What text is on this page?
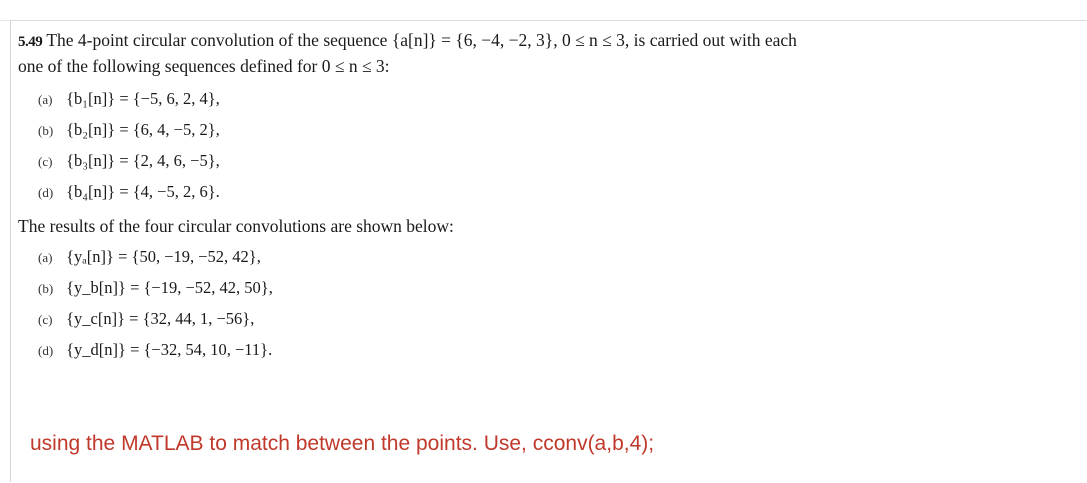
5.49 The 4-point circular convolution of the sequence {a[n]} = {6, −4, −2, 3}, 0 ≤ n ≤ 3, is carried out with each
one of the following sequences defined for 0 ≤ n ≤ 3:
(a) {b₁[n]} = {−5, 6, 2, 4},
(b) {b₂[n]} = {6, 4, −5, 2},
(c) {b₃[n]} = {2, 4, 6, −5},
(d) {b₄[n]} = {4, −5, 2, 6}.
The results of the four circular convolutions are shown below:
(a) {yₐ[n]} = {50, −19, −52, 42},
(b) {y_b[n]} = {−19, −52, 42, 50},
(c) {y_c[n]} = {32, 44, 1, −56},
(d) {y_d[n]} = {−32, 54, 10, −11}.
using the MATLAB to match between the points. Use, cconv(a,b,4);
